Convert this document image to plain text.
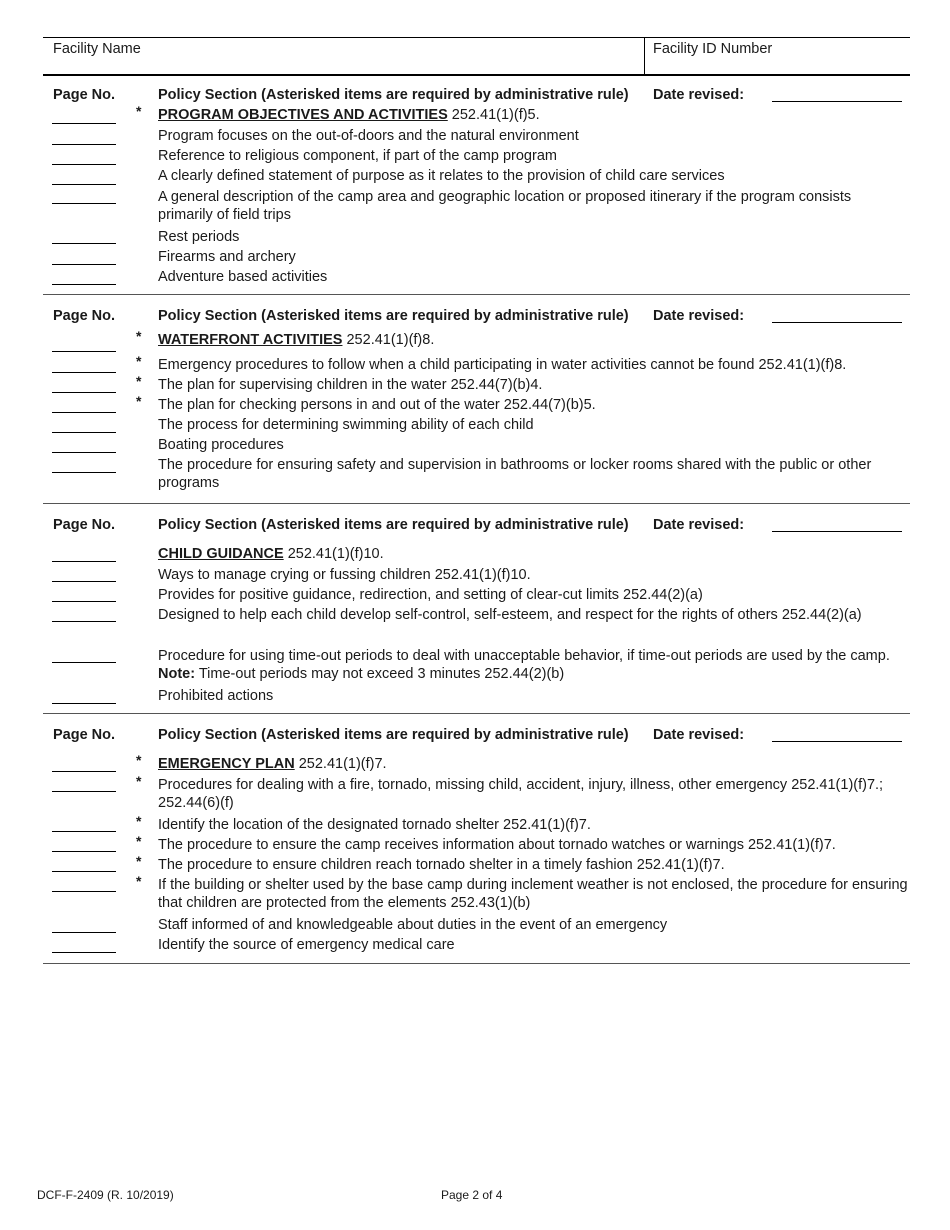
Facility Name	Facility ID Number
Page No.	Policy Section (Asterisked items are required by administrative rule) Date revised:
* PROGRAM OBJECTIVES AND ACTIVITIES 252.41(1)(f)5.
Program focuses on the out-of-doors and the natural environment
Reference to religious component, if part of the camp program
A clearly defined statement of purpose as it relates to the provision of child care services
A general description of the camp area and geographic location or proposed itinerary if the program consists primarily of field trips
Rest periods
Firearms and archery
Adventure based activities
Page No.	Policy Section (Asterisked items are required by administrative rule) Date revised:
* WATERFRONT ACTIVITIES 252.41(1)(f)8.
* Emergency procedures to follow when a child participating in water activities cannot be found 252.41(1)(f)8.
* The plan for supervising children in the water 252.44(7)(b)4.
* The plan for checking persons in and out of the water 252.44(7)(b)5.
The process for determining swimming ability of each child
Boating procedures
The procedure for ensuring safety and supervision in bathrooms or locker rooms shared with the public or other programs
Page No.	Policy Section (Asterisked items are required by administrative rule) Date revised:
CHILD GUIDANCE 252.41(1)(f)10.
Ways to manage crying or fussing children 252.41(1)(f)10.
Provides for positive guidance, redirection, and setting of clear-cut limits 252.44(2)(a)
Designed to help each child develop self-control, self-esteem, and respect for the rights of others 252.44(2)(a)
Procedure for using time-out periods to deal with unacceptable behavior, if time-out periods are used by the camp. Note: Time-out periods may not exceed 3 minutes 252.44(2)(b)
Prohibited actions
Page No.	Policy Section (Asterisked items are required by administrative rule) Date revised:
* EMERGENCY PLAN 252.41(1)(f)7.
* Procedures for dealing with a fire, tornado, missing child, accident, injury, illness, other emergency 252.41(1)(f)7.; 252.44(6)(f)
* Identify the location of the designated tornado shelter 252.41(1)(f)7.
* The procedure to ensure the camp receives information about tornado watches or warnings 252.41(1)(f)7.
* The procedure to ensure children reach tornado shelter in a timely fashion 252.41(1)(f)7.
* If the building or shelter used by the base camp during inclement weather is not enclosed, the procedure for ensuring that children are protected from the elements 252.43(1)(b)
Staff informed of and knowledgeable about duties in the event of an emergency
Identify the source of emergency medical care
DCF-F-2409 (R. 10/2019)	Page 2 of 4
